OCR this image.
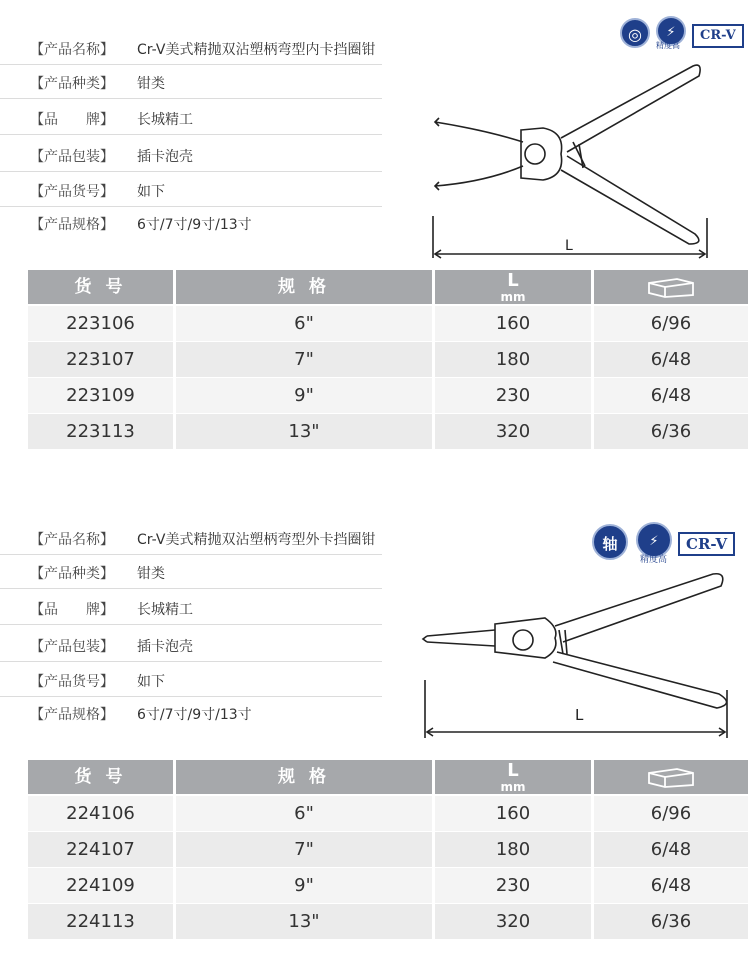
【产品名称】 Cr-V美式精抛双沾塑柄弯型内卡挡圈钳
【产品种类】 钳类
【品　　牌】 长城精工
【产品包装】 插卡泡壳
【产品货号】 如下
【产品规格】 6寸/7寸/9寸/13寸
◎	⚡
精度高
CR-V
L
货 号	规 格	L
mm
223106	6"	160	6/96
223107	7"	180	6/48
223109	9"	230	6/48
223113	13"	320	6/36
【产品名称】 Cr-V美式精抛双沾塑柄弯型外卡挡圈钳
【产品种类】 钳类
【品　　牌】 长城精工
【产品包装】 插卡泡壳
【产品货号】 如下
【产品规格】 6寸/7寸/9寸/13寸
轴	⚡
精度高
CR-V
L
货 号	规 格	L
mm
224106	6"	160	6/96
224107	7"	180	6/48
224109	9"	230	6/48
224113	13"	320	6/36
